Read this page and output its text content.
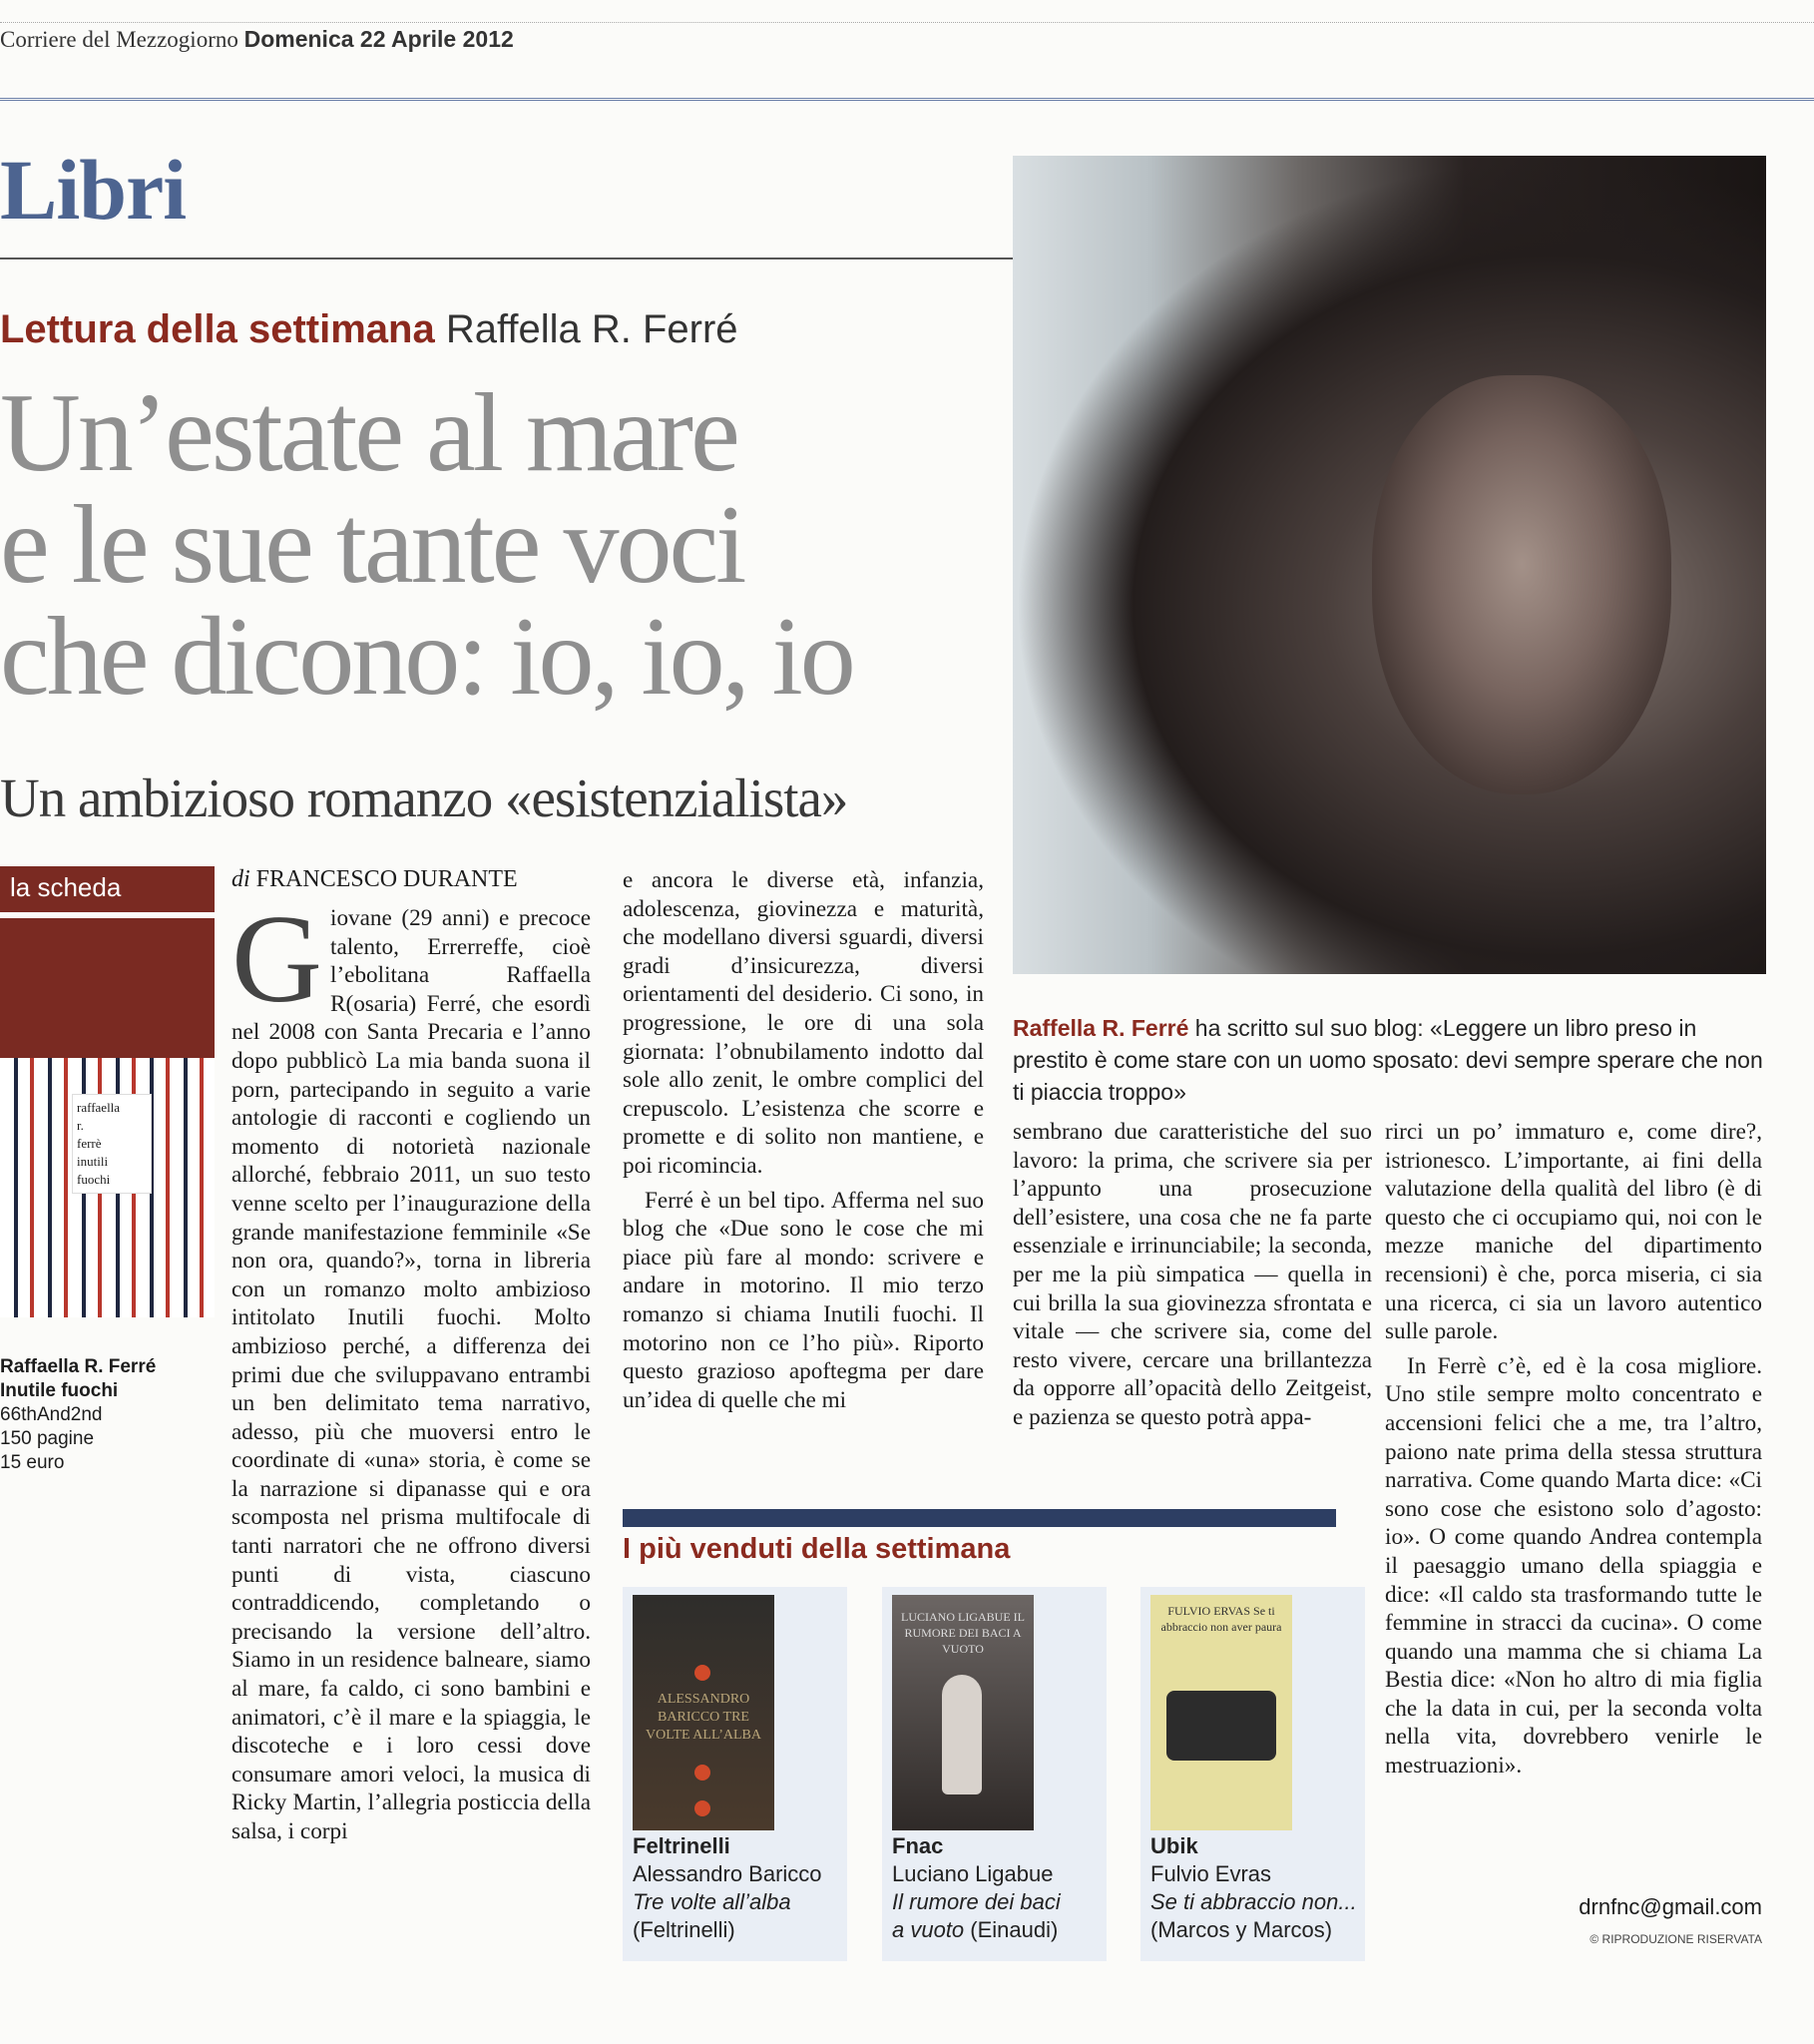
Corriere del Mezzogiorno Domenica 22 Aprile 2012
Libri
Raffella R. Ferré ha scritto sul suo blog: «Leggere un libro preso in prestito è come stare con un uomo sposato: devi sempre sperare che non ti piaccia troppo»
Lettura della settimana Raffella R. Ferré
Un’estate al mare
e le sue tante voci
che dicono: io, io, io
Un ambizioso romanzo «esistenzialista»
la scheda
raffaella
r.
ferrè
inutili
fuochi
Raffaella R. Ferré
Inutile fuochi
66thAnd2nd
150 pagine
15 euro
di FRANCESCO DURANTE

Giovane (29 anni) e precoce talento, Errerreffe, cioè l’ebolitana Raffaella R(osaria) Ferré, che esordì nel 2008 con Santa Precaria e l’anno dopo pubblicò La mia banda suona il porn, partecipando in seguito a varie antologie di racconti e cogliendo un momento di notorietà nazionale allorché, febbraio 2011, un suo testo venne scelto per l’inaugurazione della grande manifestazione femminile «Se non ora, quando?», torna in libreria con un romanzo molto ambizioso intitolato Inutili fuochi. Molto ambizioso perché, a differenza dei primi due che sviluppavano entrambi un ben delimitato tema narrativo, adesso, più che muoversi entro le coordinate di «una» storia, è come se la narrazione si dipanasse qui e ora scomposta nel prisma multifocale di tanti narratori che ne offrono diversi punti di vista, ciascuno contraddicendo, completando o precisando la versione dell’altro. Siamo in un residence balneare, siamo al mare, fa caldo, ci sono bambini e animatori, c’è il mare e la spiaggia, le discoteche e i loro cessi dove consumare amori veloci, la musica di Ricky Martin, l’allegria posticcia della salsa, i corpi

e ancora le diverse età, infanzia, adolescenza, giovinezza e maturità, che modellano diversi sguardi, diversi gradi d’insicurezza, diversi orientamenti del desiderio. Ci sono, in progressione, le ore di una sola giornata: l’obnubilamento indotto dal sole allo zenit, le ombre complici del crepuscolo. L’esistenza che scorre e promette e di solito non mantiene, e poi ricomincia.

Ferré è un bel tipo. Afferma nel suo blog che «Due sono le cose che mi piace più fare al mondo: scrivere e andare in motorino. Il mio terzo romanzo si chiama Inutili fuochi. Il motorino non ce l’ho più». Riporto questo grazioso apoftegma per dare un’idea di quelle che mi

sembrano due caratteristiche del suo lavoro: la prima, che scrivere sia per l’appunto una prosecuzione dell’esistere, una cosa che ne fa parte essenziale e irrinunciabile; la seconda, per me la più simpatica — quella in cui brilla la sua giovinezza sfrontata e vitale — che scrivere sia, come del resto vivere, cercare una brillantezza da opporre all’opacità dello Zeitgeist, e pazienza se questo potrà appa-

rirci un po’ immaturo e, come dire?, istrionesco. L’importante, ai fini della valutazione della qualità del libro (è di questo che ci occupiamo qui, noi con le mezze maniche del dipartimento recensioni) è che, porca miseria, ci sia una ricerca, ci sia un lavoro autentico sulle parole.

In Ferrè c’è, ed è la cosa migliore. Uno stile sempre molto concentrato e accensioni felici che a me, tra l’altro, paiono nate prima della stessa struttura narrativa. Come quando Marta dice: «Ci sono cose che esistono solo d’agosto: io». O come quando Andrea contempla il paesaggio umano della spiaggia e dice: «Il caldo sta trasformando tutte le femmine in stracci da cucina». O come quando una mamma che si chiama La Bestia dice: «Non ho altro di mia figlia che la data in cui, per la seconda volta nella vita, dovrebbero venirle le mestruazioni».

drnfnc@gmail.com
© RIPRODUZIONE RISERVATA
I più venduti della settimana
ALESSANDRO BARICCO TRE VOLTE ALL’ALBA
Feltrinelli
Alessandro Baricco
Tre volte all’alba
(Feltrinelli)
LUCIANO LIGABUE IL RUMORE DEI BACI A VUOTO
Fnac
Luciano Ligabue
Il rumore dei baci
a vuoto (Einaudi)
FULVIO ERVAS Se ti abbraccio non aver paura
Ubik
Fulvio Evras
Se ti abbraccio non...
(Marcos y Marcos)
